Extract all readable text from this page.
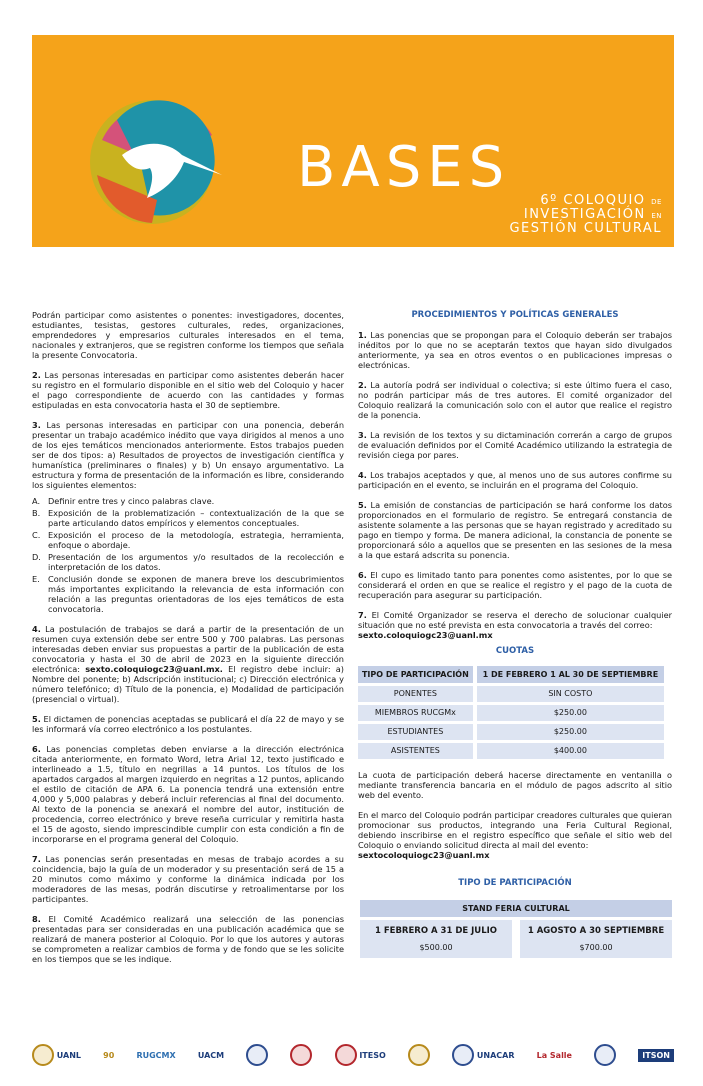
BASES
6º COLOQUIO DE
INVESTIGACIÓN EN
GESTIÓN CULTURAL

Podrán participar como asistentes o ponentes: investigadores, docentes, estudiantes, tesistas, gestores culturales, redes, organizaciones, emprendedores y empresarios culturales interesados en el tema, nacionales y extranjeros, que se registren conforme los tiempos que señala la presente Convocatoria.

2. Las personas interesadas en participar como asistentes deberán hacer su registro en el formulario disponible en el sitio web del Coloquio y hacer el pago correspondiente de acuerdo con las cantidades y formas estipuladas en esta convocatoria hasta el 30 de septiembre.

3. Las personas interesadas en participar con una ponencia, deberán presentar un trabajo académico inédito que vaya dirigidos al menos a uno de los ejes temáticos mencionados anteriormente. Estos trabajos pueden ser de dos tipos: a) Resultados de proyectos de investigación científica y humanística (preliminares o finales) y b) Un ensayo argumentativo. La estructura y forma de presentación de la información es libre, considerando los siguientes elementos:

A. Definir entre tres y cinco palabras clave.
B. Exposición de la problematización – contextualización de la que se parte articulando datos empíricos y elementos conceptuales.
C. Exposición el proceso de la metodología, estrategia, herramienta, enfoque o abordaje.
D. Presentación de los argumentos y/o resultados de la recolección e interpretación de los datos.
E.	Conclusión donde se exponen de manera breve los descubrimientos más importantes explicitando la relevancia de esta información con relación a las preguntas orientadoras de los ejes temáticos de esta convocatoria.

4. La postulación de trabajos se dará a partir de la presentación de un resumen cuya extensión debe ser entre 500 y 700 palabras. Las personas interesadas deben enviar sus propuestas a partir de la publicación de esta convocatoria y hasta el 30 de abril de 2023 en la siguiente dirección electrónica: sexto.coloquiogc23@uanl.mx. El registro debe incluir: a) Nombre del ponente; b) Adscripción institucional; c) Dirección electrónica y número telefónico; d) Título de la ponencia, e) Modalidad de participación (presencial o virtual).

5. El dictamen de ponencias aceptadas se publicará el día 22 de mayo y se les informará vía correo electrónico a los postulantes.

6. Las ponencias completas deben enviarse a la dirección electrónica citada anteriormente, en formato Word, letra Arial 12, texto justificado e interlineado a 1.5, título en negrillas a 14 puntos. Los títulos de los apartados cargados al margen izquierdo en negritas a 12 puntos, aplicando el estilo de citación de APA 6. La ponencia tendrá una extensión entre 4,000 y 5,000 palabras y deberá incluir referencias al final del documento. Al texto de la ponencia se anexará el nombre del autor, institución de procedencia, correo electrónico y breve reseña curricular y remitirla hasta el 15 de agosto, siendo imprescindible cumplir con esta condición a fin de incorporarse en el programa general del Coloquio.

7. Las ponencias serán presentadas en mesas de trabajo acordes a su coincidencia, bajo la guía de un moderador y su presentación será de 15 a 20 minutos como máximo y conforme la dinámica indicada por los moderadores de las mesas, podrán discutirse y retroalimentarse por los participantes.

8. El Comité Académico realizará una selección de las ponencias presentadas para ser consideradas en una publicación académica que se realizará de manera posterior al Coloquio. Por lo que los autores y autoras se comprometen a realizar cambios de forma y de fondo que se les solicite en los tiempos que se les indique.

PROCEDIMIENTOS Y POLÍTICAS GENERALES

1. Las ponencias que se propongan para el Coloquio deberán ser trabajos inéditos por lo que no se aceptarán textos que hayan sido divulgados anteriormente, ya sea en otros eventos o en publicaciones impresas o electrónicas.

2. La autoría podrá ser individual o colectiva; si este último fuera el caso, no podrán participar más de tres autores. El comité organizador del Coloquio realizará la comunicación solo con el autor que realice el registro de la ponencia.

3. La revisión de los textos y su dictaminación correrán a cargo de grupos de evaluación definidos por el Comité Académico utilizando la estrategia de revisión ciega por pares.

4. Los trabajos aceptados y que, al menos uno de sus autores confirme su participación en el evento, se incluirán en el programa del Coloquio.

5. La emisión de constancias de participación se hará conforme los datos proporcionados en el formulario de registro. Se entregará constancia de asistente solamente a las personas que se hayan registrado y acreditado su pago en tiempo y forma. De manera adicional, la constancia de ponente se proporcionará sólo a aquellos que se presenten en las sesiones de la mesa a la que estará adscrita su ponencia.

6. El cupo es limitado tanto para ponentes como asistentes, por lo que se considerará el orden en que se realice el registro y el pago de la cuota de recuperación para asegurar su participación.

7. El Comité Organizador se reserva el derecho de solucionar cualquier situación que no esté prevista en esta convocatoria a través del correo:
sexto.coloquiogc23@uanl.mx

CUOTAS
TIPO DE PARTICIPACIÓN	1 DE FEBRERO 1 AL 30 DE SEPTIEMBRE
PONENTES	SIN COSTO
MIEMBROS RUCGMx	$250.00
ESTUDIANTES	$250.00
ASISTENTES	$400.00

La cuota de participación deberá hacerse directamente en ventanilla o mediante transferencia bancaria en el módulo de pagos adscrito al sitio web del evento.

En el marco del Coloquio podrán participar creadores culturales que quieran promocionar sus productos, integrando una Feria Cultural Regional, debiendo inscribirse en el registro específico que señale el sitio web del Coloquio o enviando solicitud directa al mail del evento:
sextocoloquiogc23@uanl.mx

TIPO DE PARTICIPACIÓN
STAND FERIA CULTURAL
1 FEBRERO A 31 DE JULIO
$500.00
1 AGOSTO A 30 SEPTIEMBRE
$700.00

UANL	90	RUGCMX	UACM
	ITESO
	UNACAR	La Salle	ITSON
